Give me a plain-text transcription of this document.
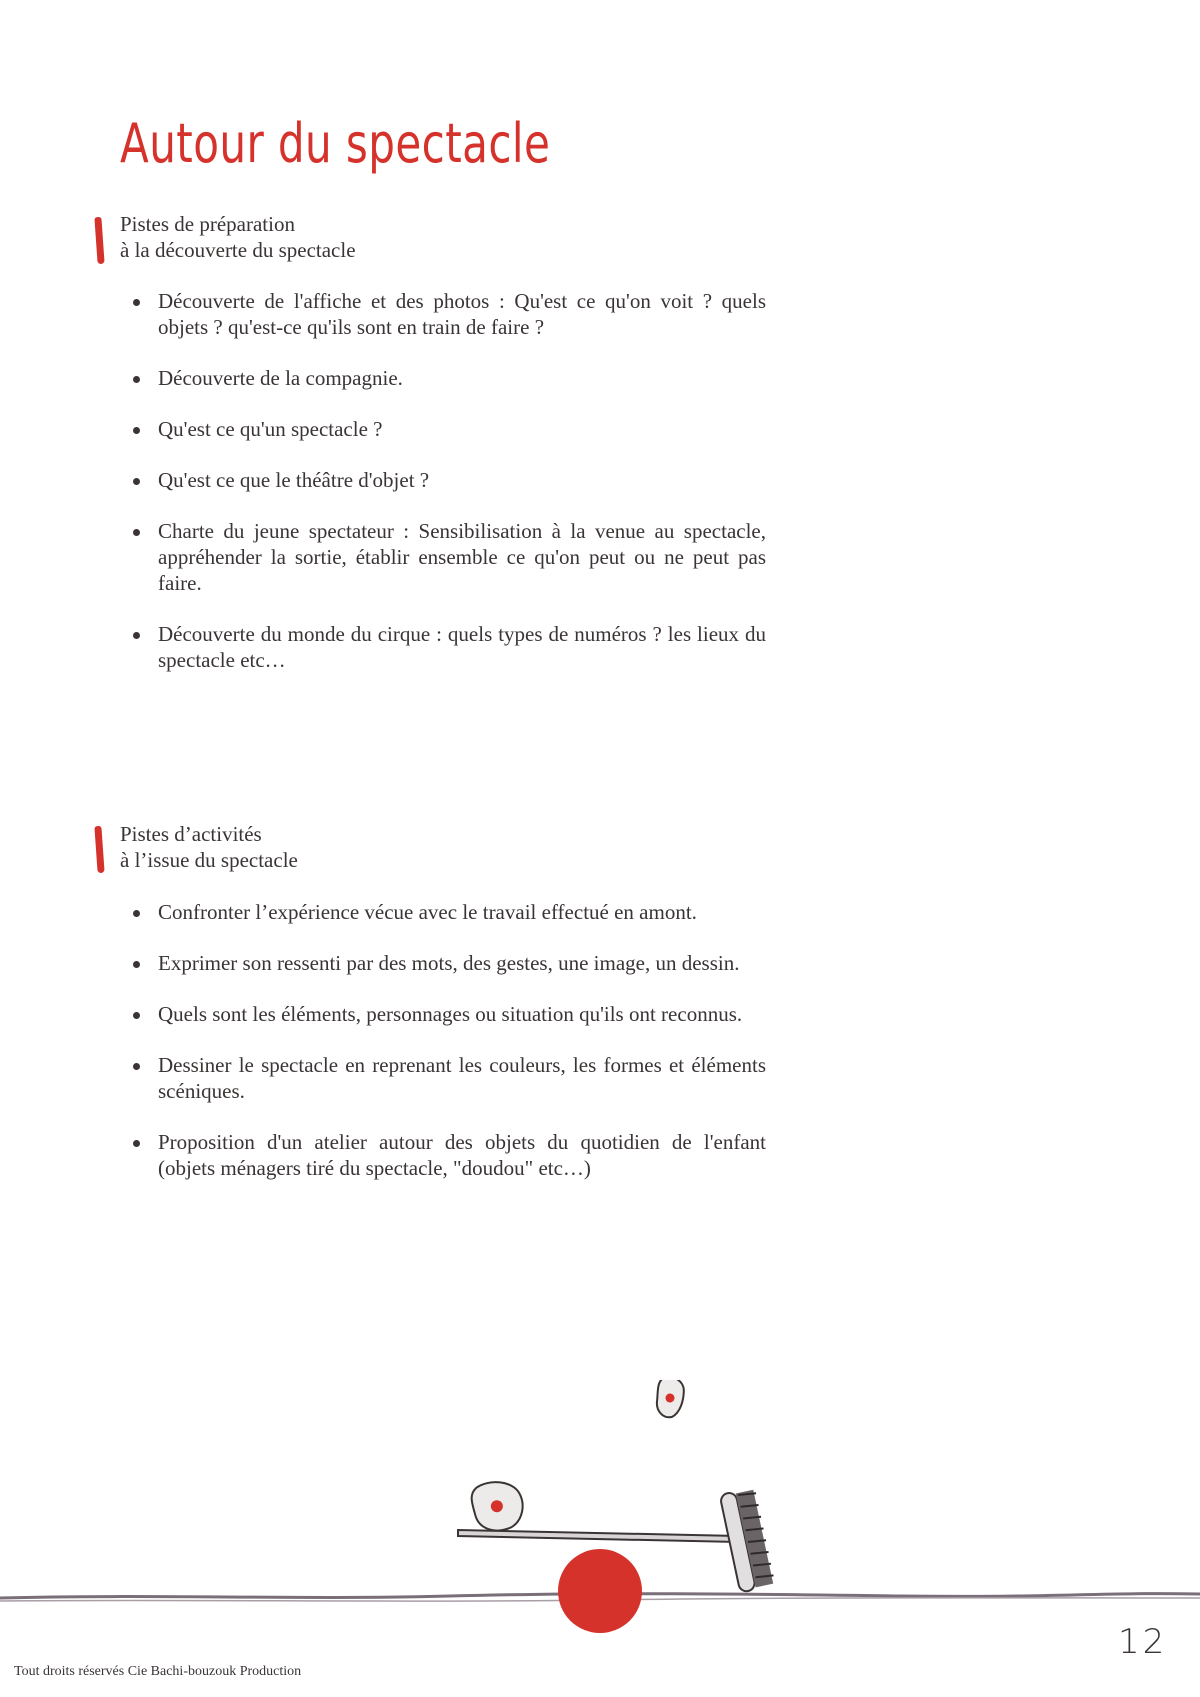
Autour du spectacle
Pistes de préparation
à la découverte du spectacle
Découverte de l'affiche et des photos : Qu'est ce qu'on voit ? quels objets ? qu'est-ce qu'ils sont en train de faire ?
Découverte de la compagnie.
Qu'est ce qu'un spectacle ?
Qu'est ce que le théâtre d'objet ?
Charte du jeune spectateur : Sensibilisation à la venue au spectacle, appréhender la sortie, établir ensemble ce qu'on peut ou ne peut pas faire.
Découverte du monde du cirque : quels types de numéros ? les lieux du spectacle etc…
Pistes d’activités
à l’issue du spectacle
Confronter l’expérience vécue avec le travail effectué en amont.
Exprimer son ressenti par des mots, des gestes, une image, un dessin.
Quels sont les éléments, personnages ou situation qu'ils ont reconnus.
Dessiner le spectacle en reprenant les couleurs, les formes et éléments scéniques.
Proposition d'un atelier autour des objets du quotidien de l'enfant (objets ménagers tiré du spectacle, "doudou" etc…)
12
Tout droits réservés Cie Bachi-bouzouk Production
